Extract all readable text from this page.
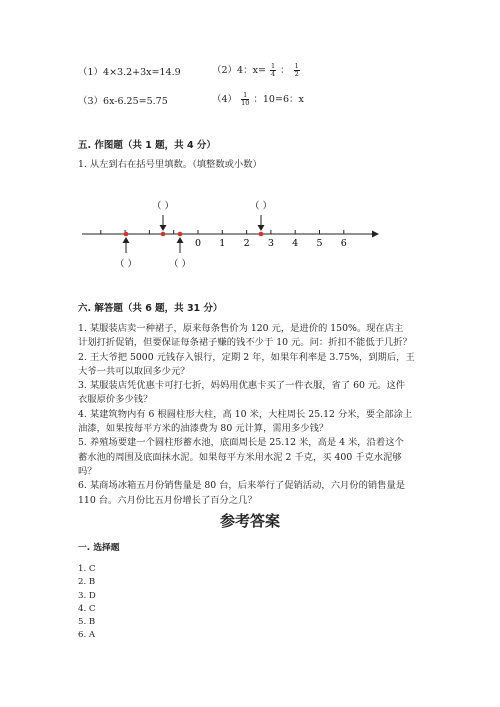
（1）4×3.2+3x=14.9	（2）4：$x= \frac{1}{4}$ ： $\frac{1}{2}$
（3）6x-6.25=5.75	$(4) \frac{1}{10}$ ：10=6：x
五. 作图题（共 1 题，共 4 分）
1. 从左到右在括号里填数。（填整数或小数）
0 1 2 3 4 5 6
（ ）	（ ）
（ ）	（ ）
六. 解答题（共 6 题，共 31 分）
1. 某服装店卖一种裙子，原来每条售价为 120 元，是进价的 150%。现在店主
计划打折促销，但要保证每条裙子赚的钱不少于 10 元。问：折扣不能低于几折？
2. 王大爷把 5000 元钱存入银行，定期 2 年，如果年利率是 3.75%，到期后，王
大爷一共可以取回多少元？
3. 某服装店凭优惠卡可打七折，妈妈用优惠卡买了一件衣服，省了 60 元。这件
衣服原价多少钱？
4. 某建筑物内有 6 根圆柱形大柱，高 10 米，大柱周长 25.12 分米，要全部涂上
油漆，如果按每平方米的油漆费为 80 元计算，需用多少钱？
5. 养殖场要建一个圆柱形蓄水池，底面周长是 25.12 米，高是 4 米，沿着这个
蓄水池的周围及底面抹水泥。如果每平方米用水泥 2 千克，买 400 千克水泥够
吗？
6. 某商场冰箱五月份销售量是 80 台，后来举行了促销活动，六月份的销售量是
110 台。六月份比五月份增长了百分之几？
参考答案
一. 选择题
1. C
2. B
3. D
4. C
5. B
6. A
